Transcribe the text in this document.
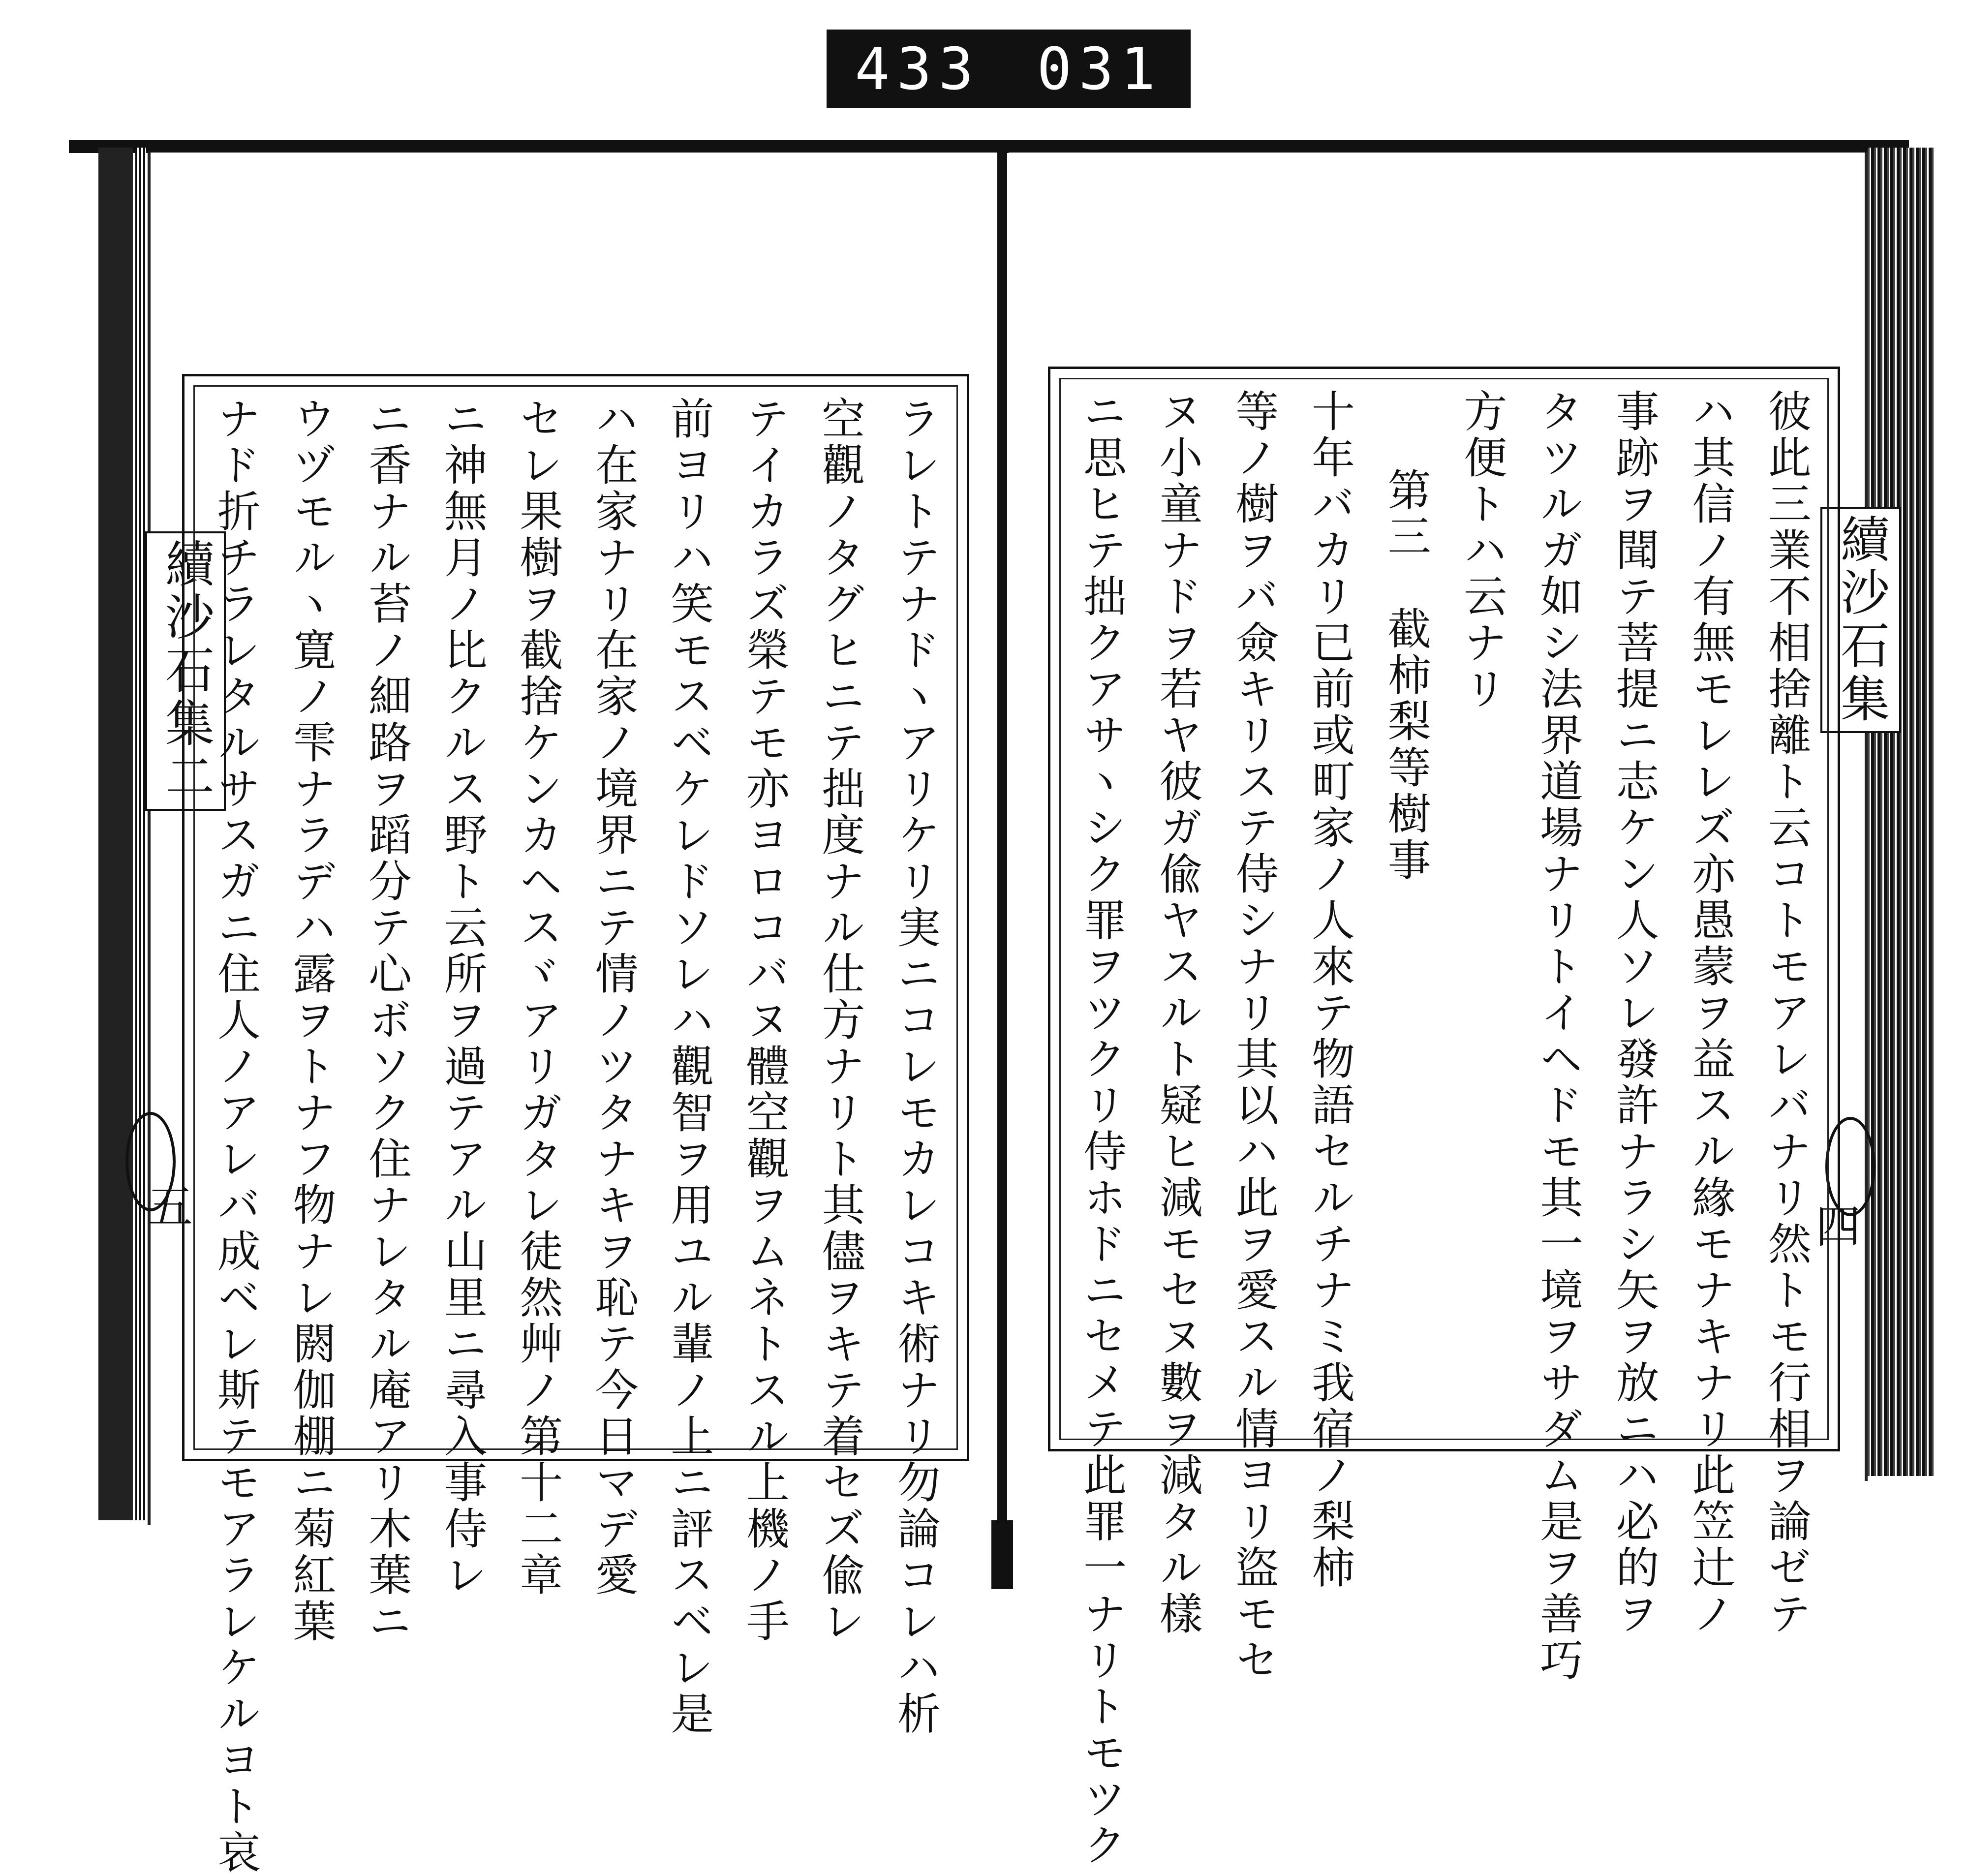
433 031
續沙石集二
五	ラレトテナドヽアリケリ実ニコレモカレコキ術ナリ勿論コレハ析
空觀ノタグヒニテ拙度ナル仕方ナリト其儘ヲキテ着セズ偸レ
テイカラズ榮テモ亦ヨロコバヌ體空觀ヲムネトスル上機ノ手
前ヨリハ笑モスベケレドソレハ觀智ヲ用ユル輩ノ上ニ評スベレ是
ハ在家ナリ在家ノ境界ニテ情ノツタナキヲ恥テ今日マデ愛
セレ果樹ヲ截捨ケンカヘスヾアリガタレ徒然艸ノ第十二章
ニ神無月ノ比クルス野ト云所ヲ過テアル山里ニ尋入事侍レ
ニ香ナル苔ノ細路ヲ蹈分テ心ボソク住ナレタル庵アリ木葉ニ
ウヅモルヽ寛ノ雫ナラデハ露ヲトナフ物ナレ閼伽棚ニ菊紅葉
ナド折チラレタルサスガニ住人ノアレバ成ベレ斯テモアラレケルヨト哀	續沙石集
四
彼此三業不相捨離ト云コトモアレバナリ然トモ行相ヲ論ゼテ
ハ其信ノ有無モレレズ亦愚蒙ヲ益スル緣モナキナリ此笠辻ノ
事跡ヲ聞テ菩提ニ志ケン人ソレ發許ナラシ矢ヲ放ニハ必的ヲ
タツルガ如シ法界道場ナリトイヘドモ其一境ヲサダム是ヲ善巧
方便トハ云ナリ
第三　截柿梨等樹事
十年バカリ已前或町家ノ人來テ物語セルチナミ我宿ノ梨柿
等ノ樹ヲバ僉キリステ侍シナリ其以ハ此ヲ愛スル情ヨリ盜モセ
ヌ小童ナドヲ若ヤ彼ガ偸ヤスルト疑ヒ減モセヌ數ヲ減タル樣
ニ思ヒテ拙クアサヽシク罪ヲツクリ侍ホドニセメテ此罪一ナリトモツク
